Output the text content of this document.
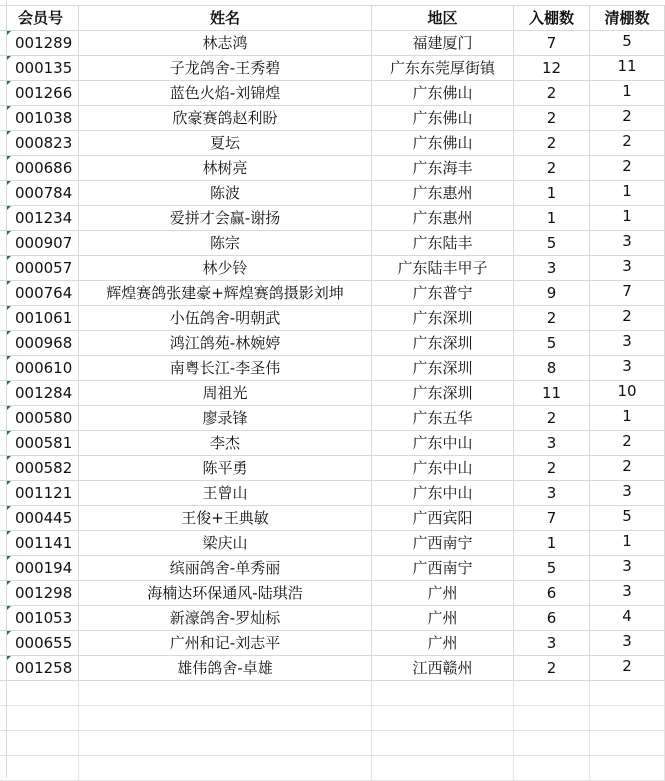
会员号	姓名	地区	入棚数	清棚数
001289	林志鸿	福建厦门	7	5
000135	子龙鸽舍-王秀碧	广东东莞厚街镇	12	11
001266	蓝色火焰-刘锦煌	广东佛山	2	1
001038	欣豪赛鸽赵利盼	广东佛山	2	2
000823	夏坛	广东佛山	2	2
000686	林树亮	广东海丰	2	2
000784	陈波	广东惠州	1	1
001234	爱拼才会赢-谢扬	广东惠州	1	1
000907	陈宗	广东陆丰	5	3
000057	林少铃	广东陆丰甲子	3	3
000764	辉煌赛鸽张建豪+辉煌赛鸽摄影刘坤	广东普宁	9	7
001061	小伍鸽舍-明朝武	广东深圳	2	2
000968	鸿江鸽苑-林婉婷	广东深圳	5	3
000610	南粤长江-李圣伟	广东深圳	8	3
001284	周祖光	广东深圳	11	10
000580	廖录锋	广东五华	2	1
000581	李杰	广东中山	3	2
000582	陈平勇	广东中山	2	2
001121	王曾山	广东中山	3	3
000445	王俊+王典敏	广西宾阳	7	5
001141	梁庆山	广西南宁	1	1
000194	缤丽鸽舍-单秀丽	广西南宁	5	3
001298	海楠达环保通风-陆琪浩	广州	6	3
001053	新濠鸽舍-罗灿标	广州	6	4
000655	广州和记-刘志平	广州	3	3
001258	雄伟鸽舍-卓雄	江西赣州	2	2
